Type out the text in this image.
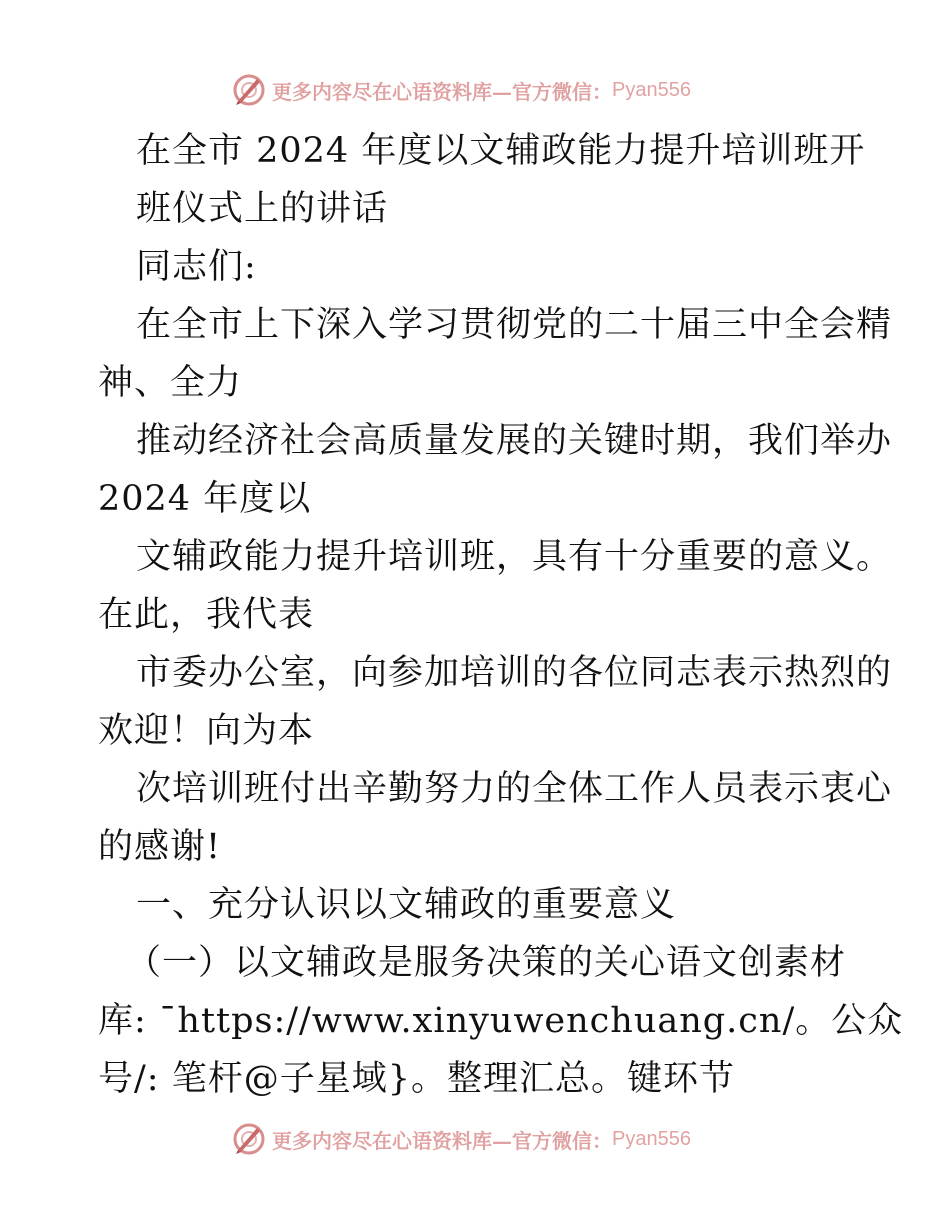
更多内容尽在心语资料库—官方微信： Pyan556
在全市 2024 年度以文辅政能力提升培训班开
班仪式上的讲话
同志们:
在全市上下深入学习贯彻党的二十届三中全会精
神、全力
推动经济社会高质量发展的关键时期，我们举办
2024 年度以
文辅政能力提升培训班，具有十分重要的意义。
在此，我代表
市委办公室，向参加培训的各位同志表示热烈的
欢迎！向为本
次培训班付出辛勤努力的全体工作人员表示衷心
的感谢!
一、充分认识以文辅政的重要意义
（一）以文辅政是服务决策的关心语文创素材
库: ¯https://www.xinyuwenchuang.cn/。公众
号/: 笔杆@子星域}。整理汇总。键环节
更多内容尽在心语资料库—官方微信： Pyan556
